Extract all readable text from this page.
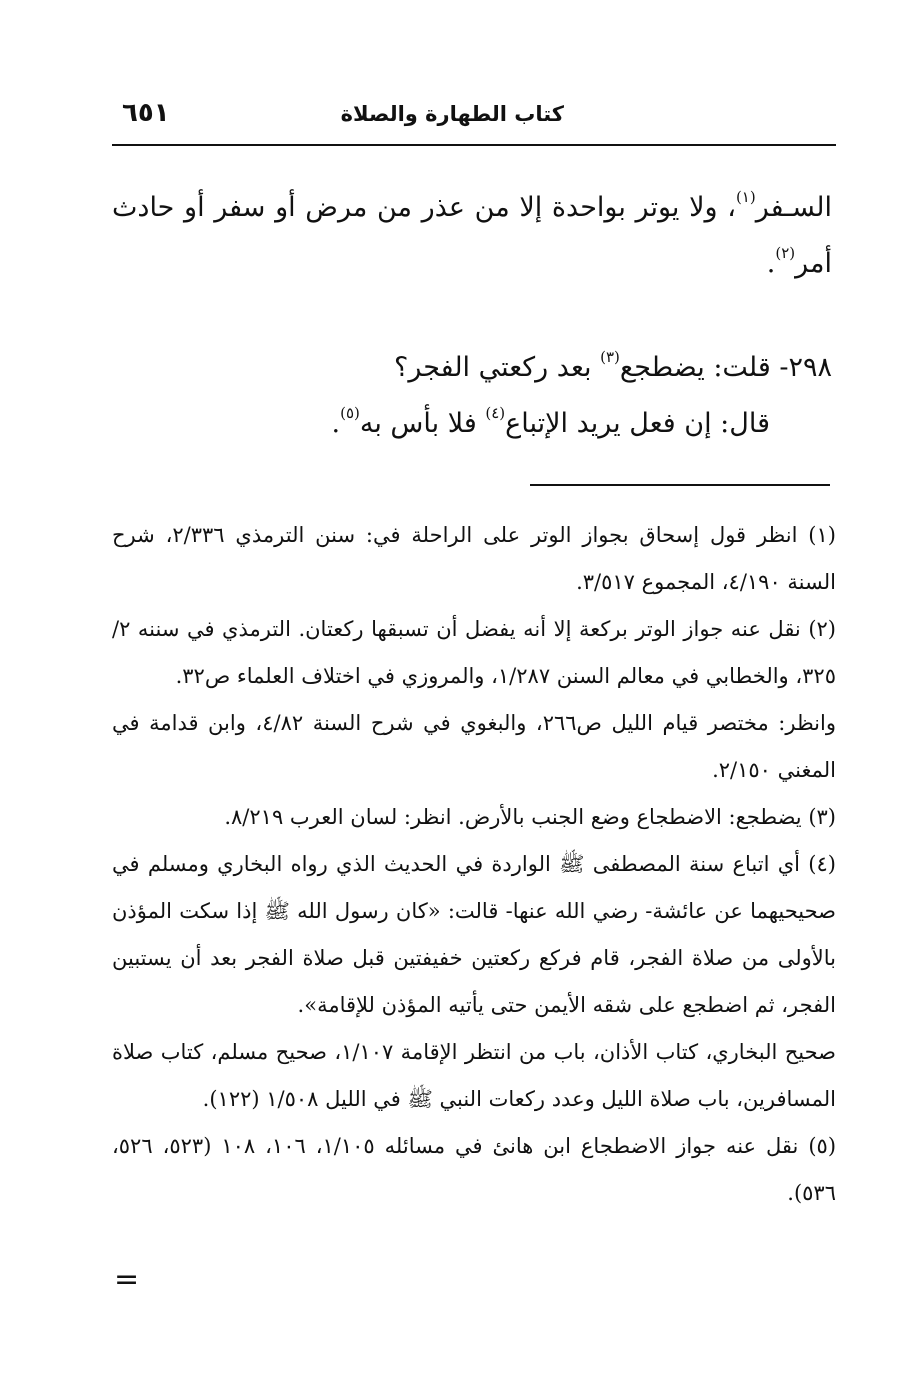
كتاب الطهارة والصلاة
٦٥١
السـفر$^{(١)}$، ولا يوتر بواحدة إلا من عذر من مرض أو سفر أو حادث أمر$^{(٢)}$.
٢٩٨- قلت: يضطجع$^{(٣)}$ بعد ركعتي الفجر؟
قال: إن فعل يريد الإتباع$^{(٤)}$ فلا بأس به$^{(٥)}$.
(١) انظر قول إسحاق بجواز الوتر على الراحلة في: سنن الترمذي ٢/٣٣٦، شرح السنة ٤/١٩٠، المجموع ٣/٥١٧.
(٢) نقل عنه جواز الوتر بركعة إلا أنه يفضل أن تسبقها ركعتان. الترمذي في سننه ٢/ ٣٢٥، والخطابي في معالم السنن ١/٢٨٧، والمروزي في اختلاف العلماء ص٣٢.
وانظر: مختصر قيام الليل ص٢٦٦، والبغوي في شرح السنة ٤/٨٢، وابن قدامة في المغني ٢/١٥٠.
(٣) يضطجع: الاضطجاع وضع الجنب بالأرض. انظر: لسان العرب ٨/٢١٩.
(٤) أي اتباع سنة المصطفى ﷺ الواردة في الحديث الذي رواه البخاري ومسلم في صحيحيهما عن عائشة- رضي الله عنها- قالت: «كان رسول الله ﷺ إذا سكت المؤذن بالأولى من صلاة الفجر، قام فركع ركعتين خفيفتين قبل صلاة الفجر بعد أن يستبين الفجر، ثم اضطجع على شقه الأيمن حتى يأتيه المؤذن للإقامة».
صحيح البخاري، كتاب الأذان، باب من انتظر الإقامة ١/١٠٧، صحيح مسلم، كتاب صلاة المسافرين، باب صلاة الليل وعدد ركعات النبي ﷺ في الليل ١/٥٠٨ (١٢٢).
(٥) نقل عنه جواز الاضطجاع ابن هانئ في مسائله ١/١٠٥، ١٠٦، ١٠٨ (٥٢٣، ٥٢٦، ٥٣٦).
=
